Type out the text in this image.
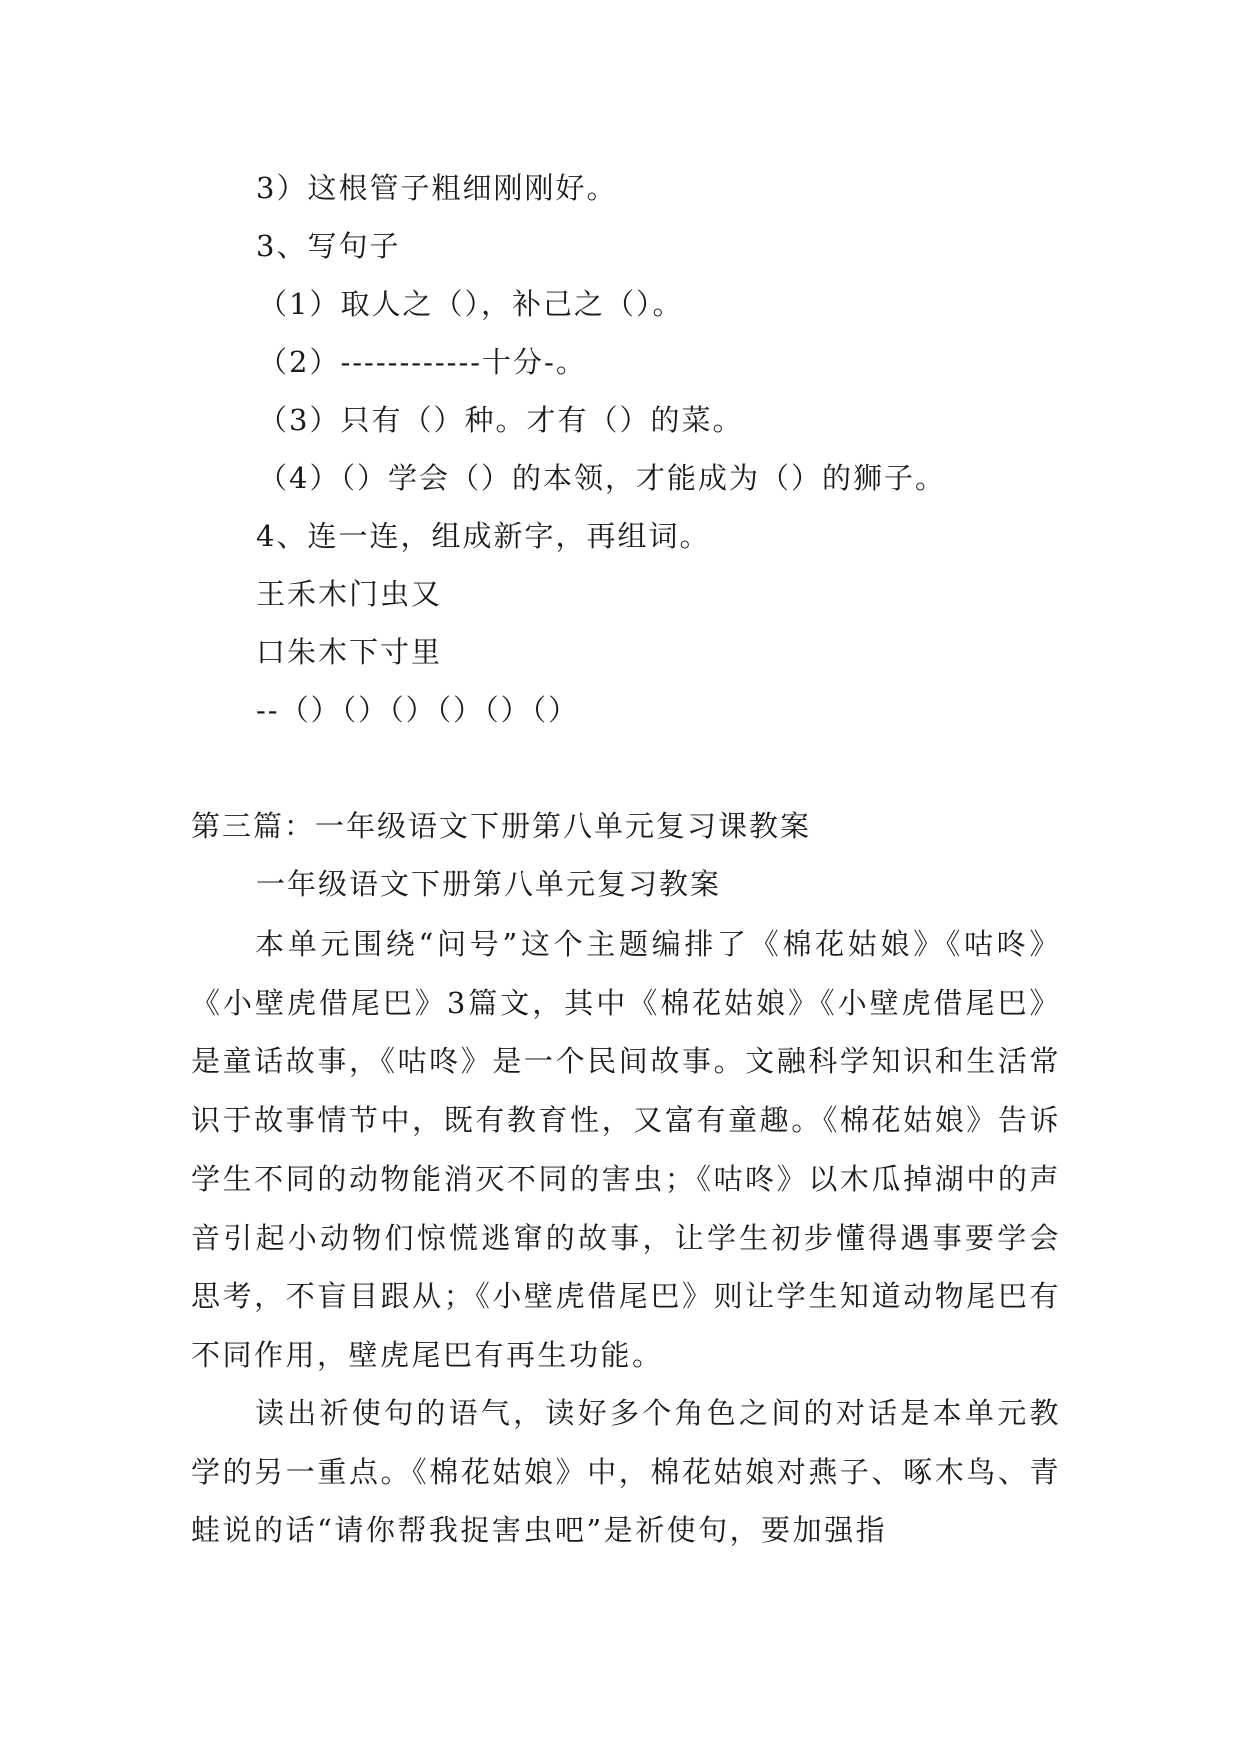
3）这根管子粗细刚刚好。
3、写句子
（1）取人之（），补己之（）。
（2）------------十分-。
（3）只有（）种。才有（）的菜。
（4）（）学会（）的本领，才能成为（）的狮子。
4、连一连，组成新字，再组词。
王禾木门虫又
口朱木下寸里
--（）（）（）（）（）（）
第三篇：一年级语文下册第八单元复习课教案
一年级语文下册第八单元复习教案

本单元围绕“问号”这个主题编排了《棉花姑娘》《咕咚》《小壁虎借尾巴》3篇文，其中《棉花姑娘》《小壁虎借尾巴》是童话故事，《咕咚》是一个民间故事。文融科学知识和生活常识于故事情节中，既有教育性，又富有童趣。《棉花姑娘》告诉学生不同的动物能消灭不同的害虫；《咕咚》以木瓜掉湖中的声音引起小动物们惊慌逃窜的故事，让学生初步懂得遇事要学会思考，不盲目跟从；《小壁虎借尾巴》则让学生知道动物尾巴有不同作用，壁虎尾巴有再生功能。

读出祈使句的语气，读好多个角色之间的对话是本单元教学的另一重点。《棉花姑娘》中，棉花姑娘对燕子、啄木鸟、青蛙说的话“请你帮我捉害虫吧”是祈使句，要加强指
